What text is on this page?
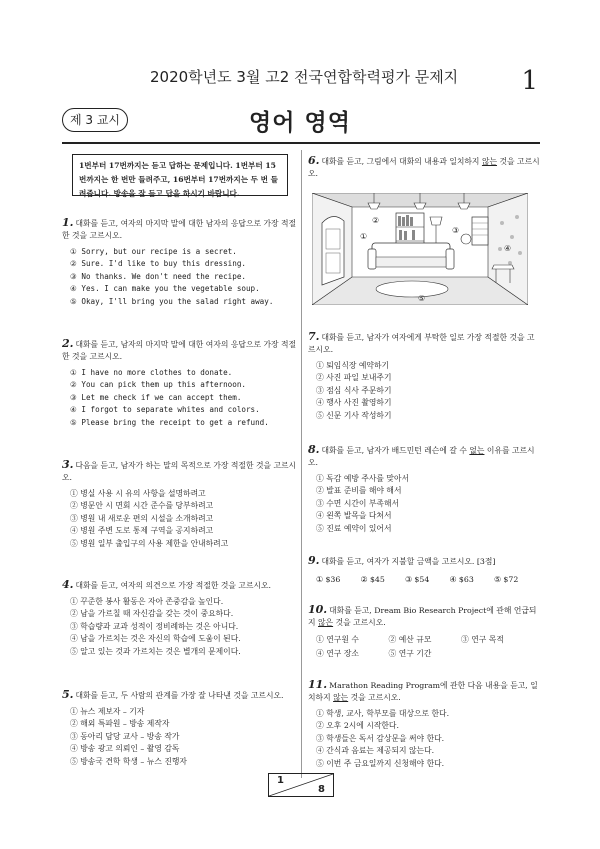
2020학년도 3월 고2 전국연합학력평가 문제지 1
제 3 교시	영어 영역
1번부터 17번까지는 듣고 답하는 문제입니다. 1번부터 15번까지는 한 번만 들려주고, 16번부터 17번까지는 두 번 들려줍니다. 방송을 잘 듣고 답을 하시기 바랍니다.
1. 대화를 듣고, 여자의 마지막 말에 대한 남자의 응답으로 가장 적절한 것을 고르시오.
① Sorry, but our recipe is a secret.
② Sure. I'd like to buy this dressing.
③ No thanks. We don't need the recipe.
④ Yes. I can make you the vegetable soup.
⑤ Okay, I'll bring you the salad right away.
2. 대화를 듣고, 남자의 마지막 말에 대한 여자의 응답으로 가장 적절한 것을 고르시오.
① I have no more clothes to donate.
② You can pick them up this afternoon.
③ Let me check if we can accept them.
④ I forgot to separate whites and colors.
⑤ Please bring the receipt to get a refund.
3. 다음을 듣고, 남자가 하는 말의 목적으로 가장 적절한 것을 고르시오.
① 병실 사용 시 유의 사항을 설명하려고
② 병문안 시 면회 시간 준수를 당부하려고
③ 병원 내 새로운 편의 시설을 소개하려고
④ 병원 주변 도로 통제 구역을 공지하려고
⑤ 병원 일부 출입구의 사용 제한을 안내하려고
4. 대화를 듣고, 여자의 의견으로 가장 적절한 것을 고르시오.
① 꾸준한 봉사 활동은 자아 존중감을 높인다.
② 남을 가르칠 때 자신감을 갖는 것이 중요하다.
③ 학습량과 교과 성적이 정비례하는 것은 아니다.
④ 남을 가르치는 것은 자신의 학습에 도움이 된다.
⑤ 알고 있는 것과 가르치는 것은 별개의 문제이다.
5. 대화를 듣고, 두 사람의 관계를 가장 잘 나타낸 것을 고르시오.
① 뉴스 제보자 – 기자
② 해외 특파원 – 방송 제작자
③ 동아리 담당 교사 – 방송 작가
④ 방송 광고 의뢰인 – 촬영 감독
⑤ 방송국 견학 학생 – 뉴스 진행자
6. 대화를 듣고, 그림에서 대화의 내용과 일치하지 않는 것을 고르시오.
①
②
③
④
⑤
7. 대화를 듣고, 남자가 여자에게 부탁한 일로 가장 적절한 것을 고르시오.
① 퇴임식장 예약하기
② 사진 파일 보내주기
③ 점심 식사 주문하기
④ 행사 사진 촬영하기
⑤ 신문 기사 작성하기
8. 대화를 듣고, 남자가 배드민턴 레슨에 갈 수 없는 이유를 고르시오.
① 독감 예방 주사를 맞아서
② 발표 준비를 해야 해서
③ 수면 시간이 부족해서
④ 왼쪽 발목을 다쳐서
⑤ 진료 예약이 있어서
9. 대화를 듣고, 여자가 지불할 금액을 고르시오. [3점]
① $36	② $45	③ $54	④ $63	⑤ $72
10. 대화를 듣고, Dream Bio Research Project에 관해 언급되지 않은 것을 고르시오.
① 연구원 수	② 예산 규모	③ 연구 목적
④ 연구 장소	⑤ 연구 기간
11. Marathon Reading Program에 관한 다음 내용을 듣고, 일치하지 않는 것을 고르시오.
① 학생, 교사, 학부모를 대상으로 한다.
② 오후 2시에 시작한다.
③ 학생들은 독서 감상문을 써야 한다.
④ 간식과 음료는 제공되지 않는다.
⑤ 이번 주 금요일까지 신청해야 한다.
1
8
